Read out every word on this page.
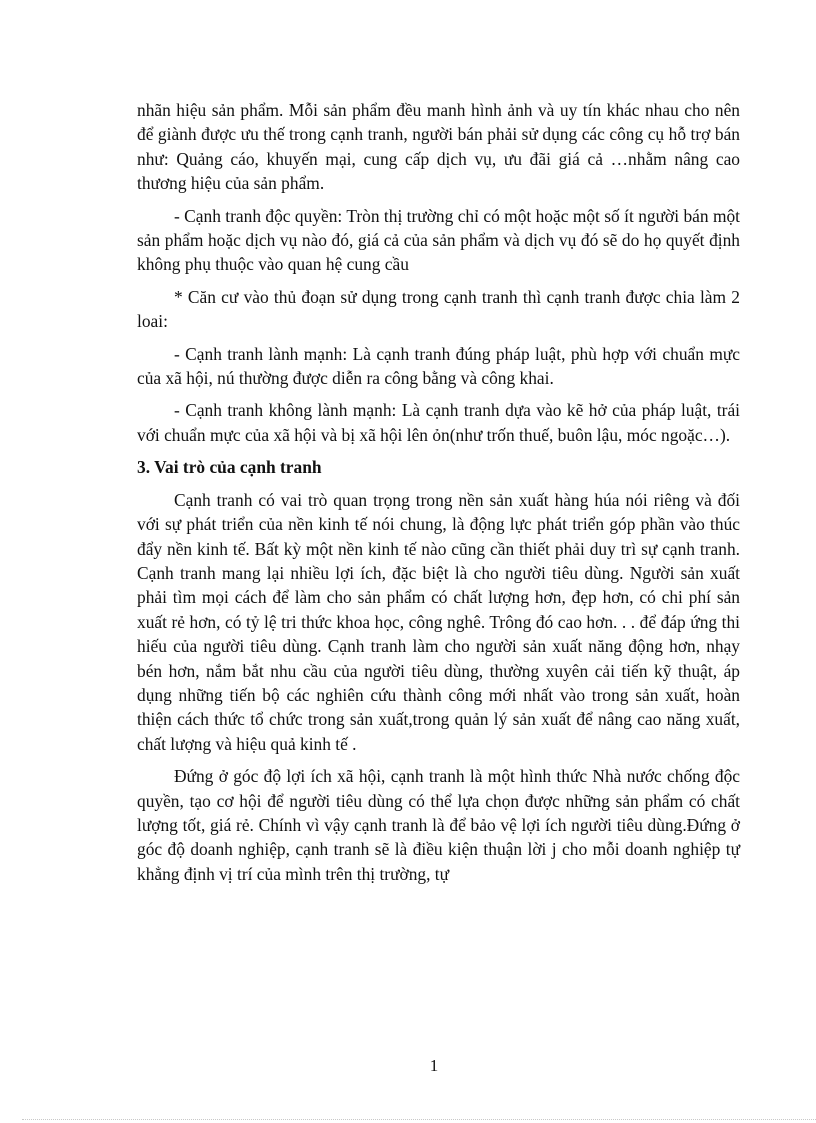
nhãn hiệu sản phẩm. Mỗi sản phẩm đều manh hình ảnh và uy tín khác nhau cho nên để giành được ưu thế trong cạnh tranh, người bán phải sử dụng các công cụ hỗ trợ bán như: Quảng cáo, khuyến mại, cung cấp dịch vụ, ưu đãi giá cả …nhằm nâng cao thương hiệu của sản phẩm.

- Cạnh tranh độc quyền: Tròn thị trường chỉ có một hoặc một số ít người bán một sản phẩm hoặc dịch vụ nào đó, giá cả của sản phẩm và dịch vụ đó sẽ do họ quyết định không phụ thuộc vào quan hệ cung cầu

* Căn cư vào thủ đoạn sử dụng trong cạnh tranh thì cạnh tranh được chia làm 2 loai:

- Cạnh tranh lành mạnh: Là cạnh tranh đúng pháp luật, phù hợp với chuẩn mực của xã hội, nú thường được diễn ra công bằng và công khai.

- Cạnh tranh không lành mạnh: Là cạnh tranh dựa vào kẽ hở của pháp luật, trái với chuẩn mực của xã hội và bị xã hội lên ỏn(như trốn thuế, buôn lậu, móc ngoặc…).

3. Vai trò của cạnh tranh

Cạnh tranh có vai trò quan trọng trong nền sản xuất hàng húa nói riêng và đối với sự phát triển của nền kinh tế nói chung, là động lực phát triển góp phần vào thúc đẩy nền kinh tế. Bất kỳ một nền kinh tế nào cũng cần thiết phải duy trì sự cạnh tranh. Cạnh tranh mang lại nhiều lợi ích, đặc biệt là cho người tiêu dùng. Người sản xuất phải tìm mọi cách để làm cho sản phẩm có chất lượng hơn, đẹp hơn, có chi phí sản xuất rẻ hơn, có tỷ lệ tri thức khoa học, công nghê. Trông đó cao hơn. . . để đáp ứng thi hiếu của người tiêu dùng. Cạnh tranh làm cho người sản xuất năng động hơn, nhạy bén hơn, nắm bắt nhu cầu của người tiêu dùng, thường xuyên cải tiến kỹ thuật, áp dụng những tiến bộ các nghiên cứu thành công mới nhất vào trong sản xuất, hoàn thiện cách thức tổ chức trong sản xuất,trong quản lý sản xuất để nâng cao năng xuất, chất lượng và hiệu quả kinh tế .

Đứng ở góc độ lợi ích xã hội, cạnh tranh là một hình thức Nhà nước chống độc quyền, tạo cơ hội để người tiêu dùng có thể lựa chọn được những sản phẩm có chất lượng tốt, giá rẻ. Chính vì vậy cạnh tranh là để bảo vệ lợi ích người tiêu dùng.Đứng ở góc độ doanh nghiệp, cạnh tranh sẽ là điều kiện thuận lời j cho mỗi doanh nghiệp tự khẳng định vị trí của mình trên thị trường, tự

1
